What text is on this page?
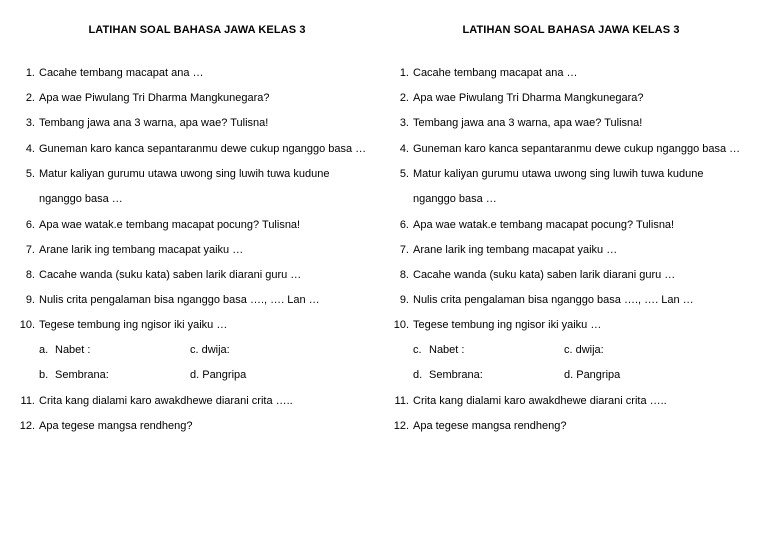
LATIHAN SOAL BAHASA JAWA KELAS 3
1. Cacahe tembang macapat ana …
2. Apa wae Piwulang Tri Dharma Mangkunegara?
3. Tembang jawa ana 3 warna, apa wae? Tulisna!
4. Guneman karo kanca sepantaranmu dewe cukup nganggo basa …
5. Matur kaliyan gurumu utawa uwong sing luwih tuwa kudune
nganggo basa …
6. Apa wae watak.e tembang macapat pocung? Tulisna!
7. Arane larik ing tembang macapat yaiku …
8. Cacahe wanda (suku kata) saben larik diarani guru …
9. Nulis crita pengalaman bisa nganggo basa …., …. Lan …
10. Tegese tembung ing ngisor iki yaiku …
a. Nabet :	c. dwija:
b. Sembrana:	d. Pangripa
11. Crita kang dialami karo awakdhewe diarani crita …..
12. Apa tegese mangsa rendheng?
LATIHAN SOAL BAHASA JAWA KELAS 3
1. Cacahe tembang macapat ana …
2. Apa wae Piwulang Tri Dharma Mangkunegara?
3. Tembang jawa ana 3 warna, apa wae? Tulisna!
4. Guneman karo kanca sepantaranmu dewe cukup nganggo basa …
5. Matur kaliyan gurumu utawa uwong sing luwih tuwa kudune
nganggo basa …
6. Apa wae watak.e tembang macapat pocung? Tulisna!
7. Arane larik ing tembang macapat yaiku …
8. Cacahe wanda (suku kata) saben larik diarani guru …
9. Nulis crita pengalaman bisa nganggo basa …., …. Lan …
10. Tegese tembung ing ngisor iki yaiku …
c. Nabet :	c. dwija:
d. Sembrana:	d. Pangripa
11. Crita kang dialami karo awakdhewe diarani crita …..
12. Apa tegese mangsa rendheng?
